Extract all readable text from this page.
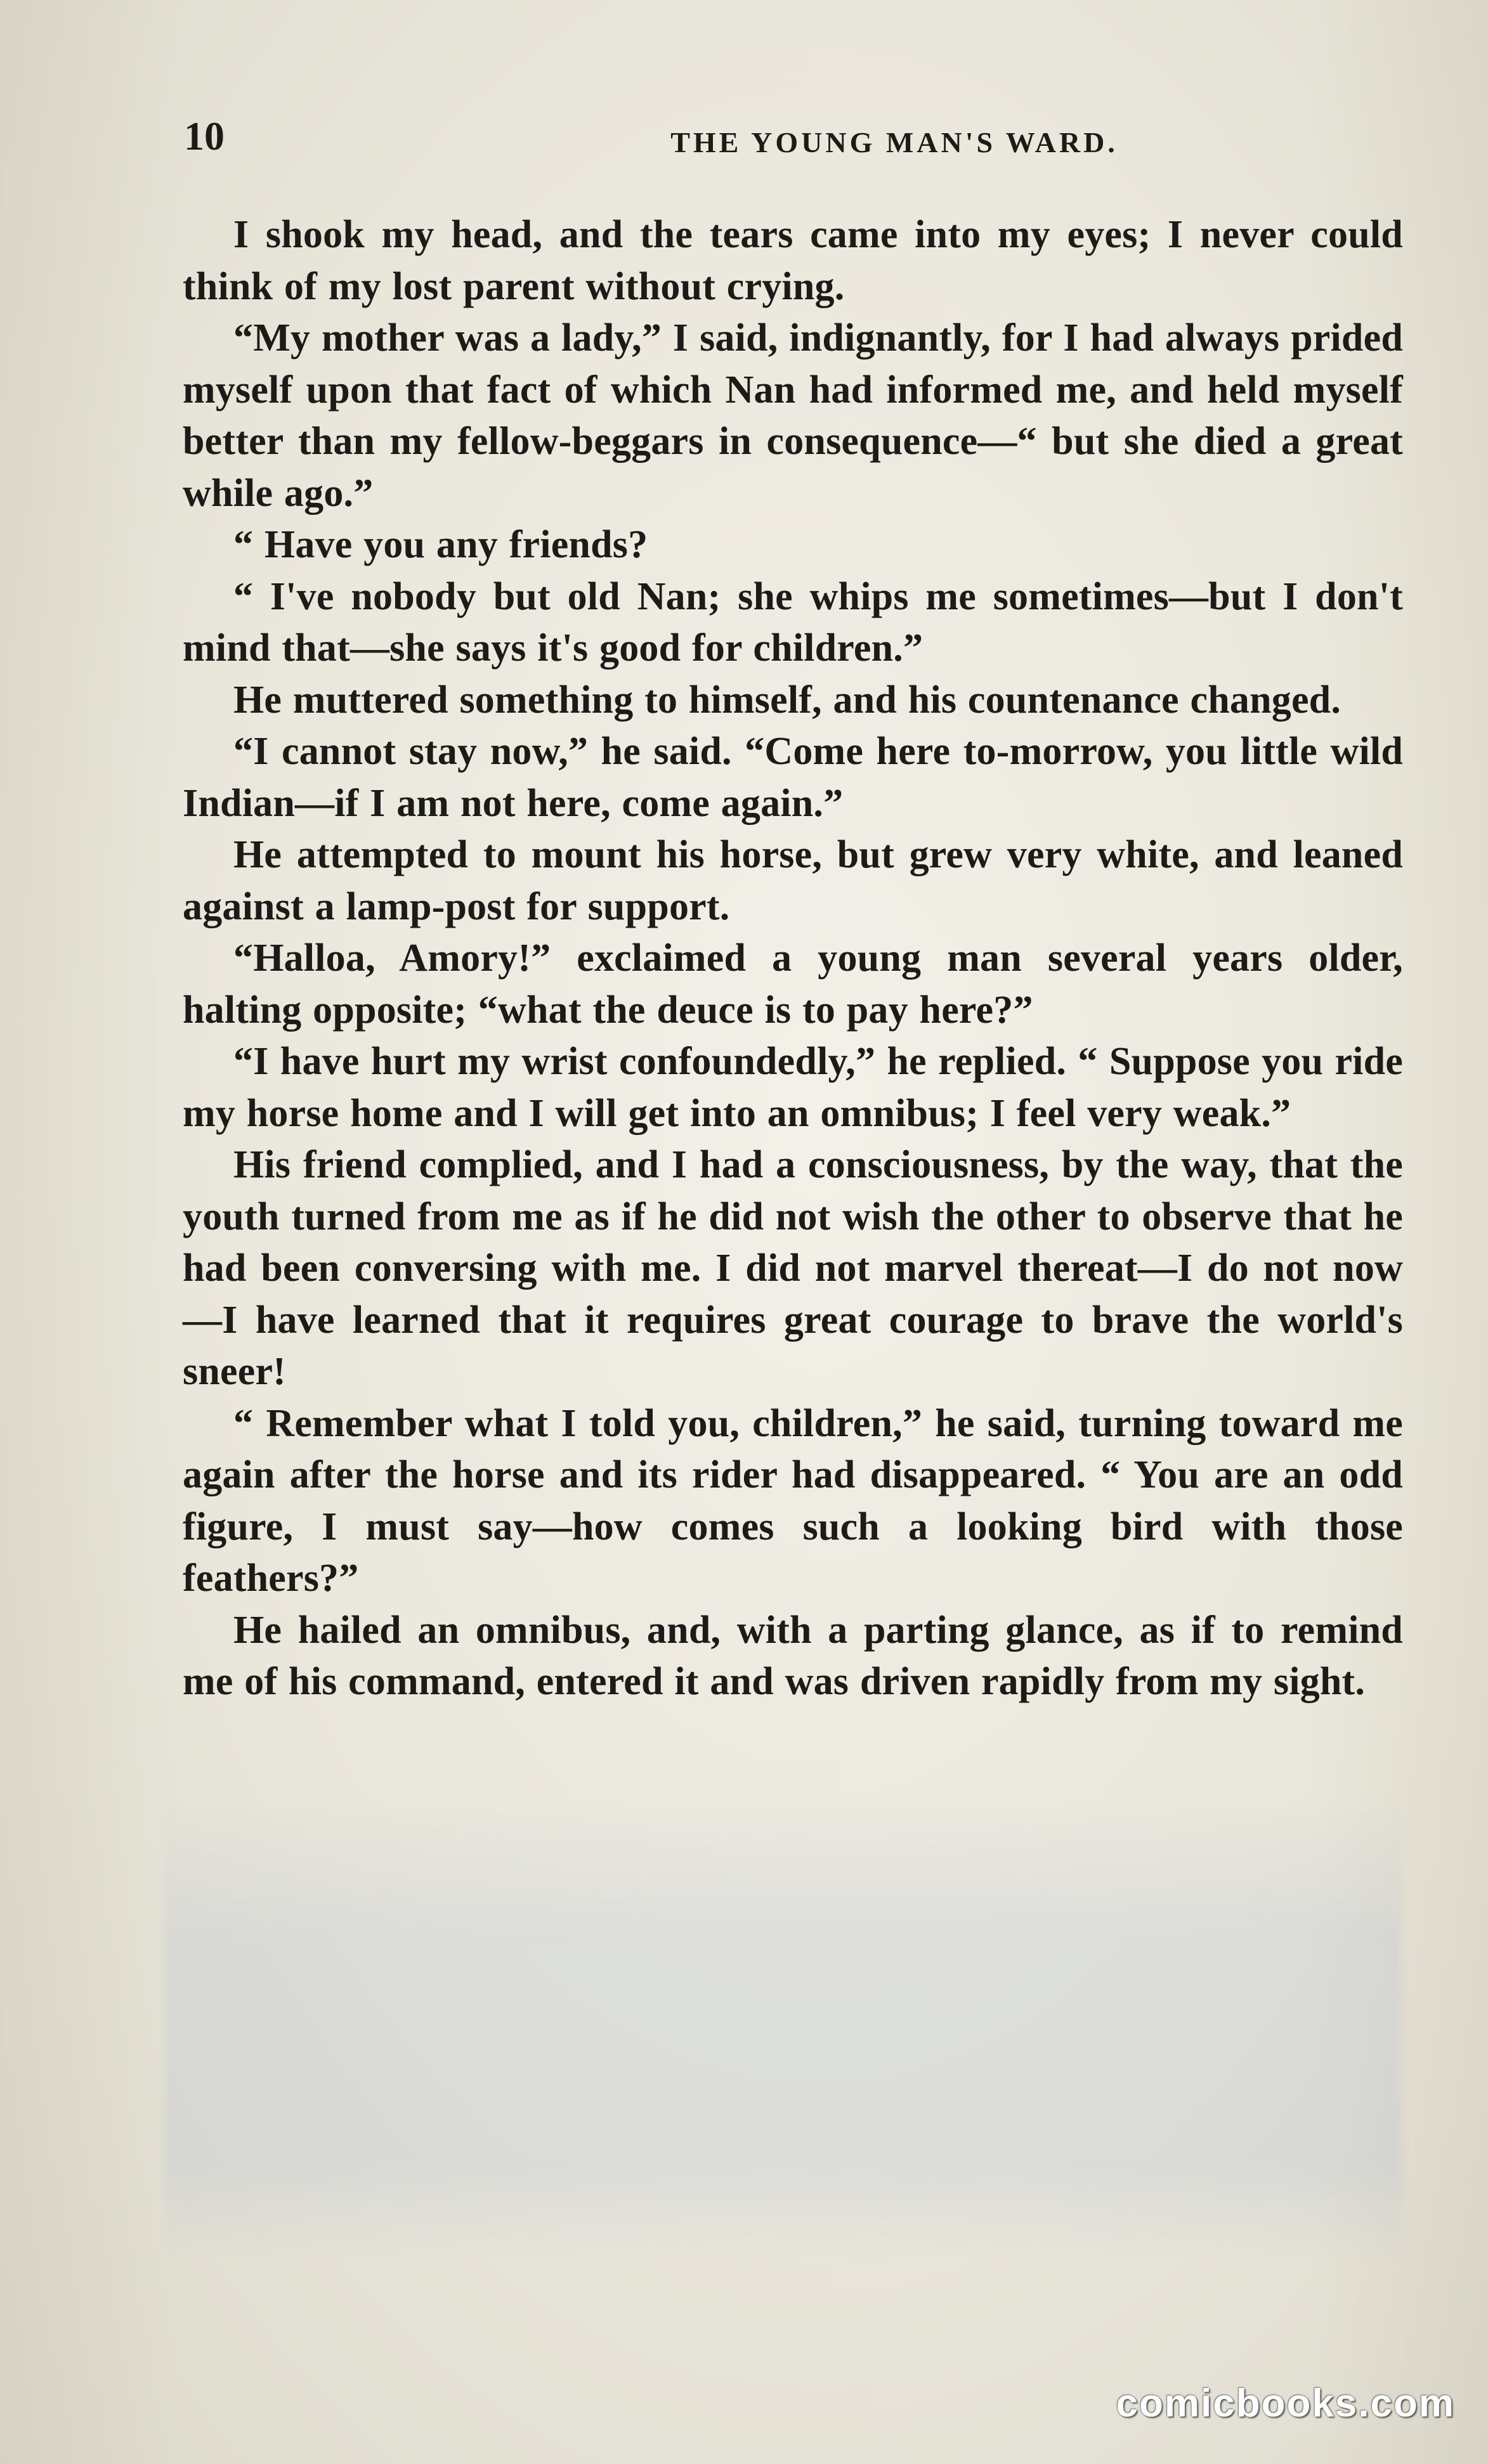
10	THE YOUNG MAN'S WARD.

I shook my head, and the tears came into my eyes; I never could think of my lost parent without crying.

“My mother was a lady,” I said, indignantly, for I had always prided myself upon that fact of which Nan had informed me, and held myself better than my fellow-beggars in consequence—“ but she died a great while ago.”

“ Have you any friends?

“ I've nobody but old Nan; she whips me sometimes—but I don't mind that—she says it's good for children.”

He muttered something to himself, and his countenance changed.

“I cannot stay now,” he said. “Come here to-morrow, you little wild Indian—if I am not here, come again.”

He attempted to mount his horse, but grew very white, and leaned against a lamp-post for support.

“Halloa, Amory!” exclaimed a young man several years older, halting opposite; “what the deuce is to pay here?”

“I have hurt my wrist confoundedly,” he replied. “ Suppose you ride my horse home and I will get into an omnibus; I feel very weak.”

His friend complied, and I had a consciousness, by the way, that the youth turned from me as if he did not wish the other to observe that he had been conversing with me. I did not marvel thereat—I do not now—I have learned that it requires great courage to brave the world's sneer!

“ Remember what I told you, children,” he said, turning toward me again after the horse and its rider had disappeared. “ You are an odd figure, I must say—how comes such a looking bird with those feathers?”

He hailed an omnibus, and, with a parting glance, as if to remind me of his command, entered it and was driven rapidly from my sight.

comicbooks.com
